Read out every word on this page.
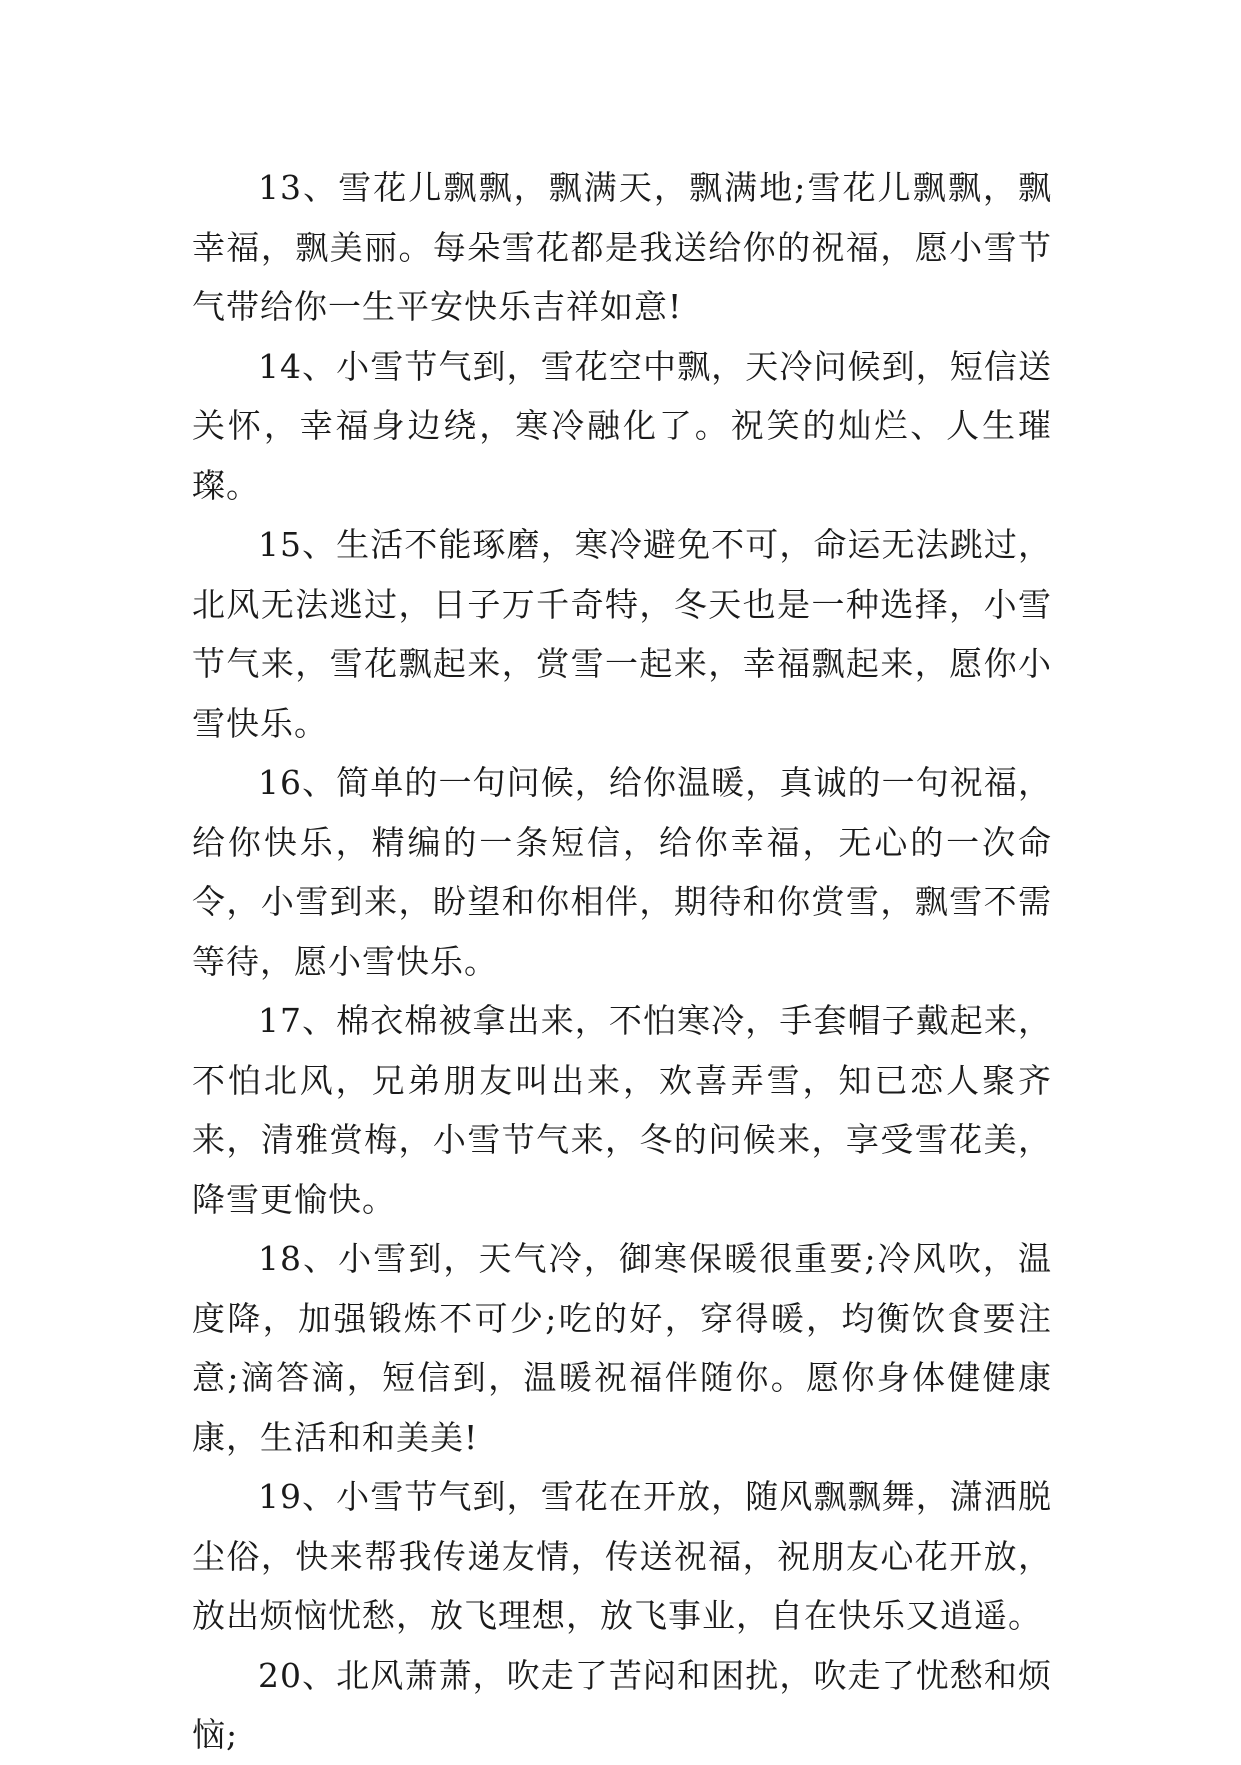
13、雪花儿飘飘，飘满天，飘满地;雪花儿飘飘，飘幸福，飘美丽。每朵雪花都是我送给你的祝福，愿小雪节气带给你一生平安快乐吉祥如意!

14、小雪节气到，雪花空中飘，天冷问候到，短信送关怀，幸福身边绕，寒冷融化了。祝笑的灿烂、人生璀璨。

15、生活不能琢磨，寒冷避免不可，命运无法跳过，北风无法逃过，日子万千奇特，冬天也是一种选择，小雪节气来，雪花飘起来，赏雪一起来，幸福飘起来，愿你小雪快乐。

16、简单的一句问候，给你温暖，真诚的一句祝福，给你快乐，精编的一条短信，给你幸福，无心的一次命令，小雪到来，盼望和你相伴，期待和你赏雪，飘雪不需等待，愿小雪快乐。

17、棉衣棉被拿出来，不怕寒冷，手套帽子戴起来，不怕北风，兄弟朋友叫出来，欢喜弄雪，知已恋人聚齐来，清雅赏梅，小雪节气来，冬的问候来，享受雪花美，降雪更愉快。

18、小雪到，天气冷，御寒保暖很重要;冷风吹，温度降，加强锻炼不可少;吃的好，穿得暖，均衡饮食要注意;滴答滴，短信到，温暖祝福伴随你。愿你身体健健康康，生活和和美美!

19、小雪节气到，雪花在开放，随风飘飘舞，潇洒脱尘俗，快来帮我传递友情，传送祝福，祝朋友心花开放，放出烦恼忧愁，放飞理想，放飞事业，自在快乐又逍遥。

20、北风萧萧，吹走了苦闷和困扰，吹走了忧愁和烦恼;
